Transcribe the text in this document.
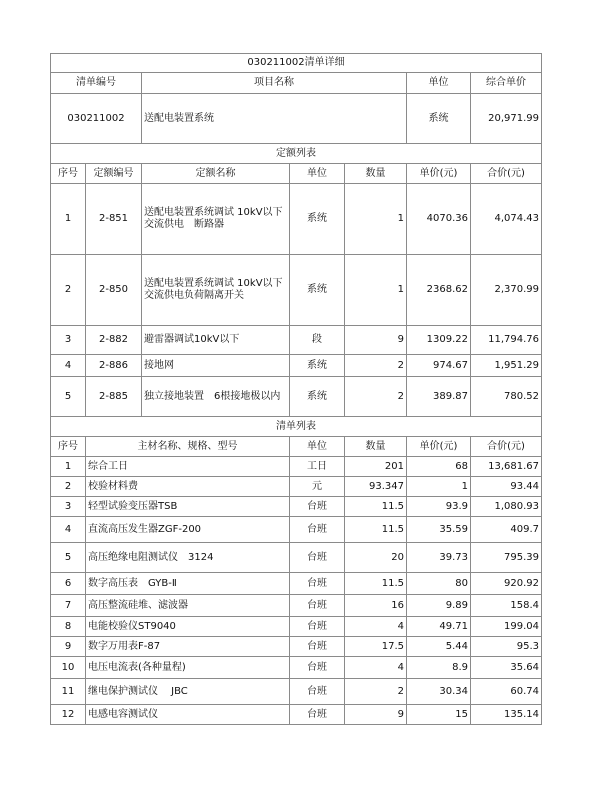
030211002清单详细						
清单编号		项目名称			单位	综合单价
030211002		送配电装置系统			系统	20,971.99
定额列表						
序号	定额编号	定额名称	单位	数量	单价(元)	合价(元)
1	2-851	送配电装置系统调试 10kV以下交流供电　断路器	系统	1	4070.36	4,074.43
2	2-850	送配电装置系统调试 10kV以下交流供电负荷隔离开关	系统	1	2368.62	2,370.99
3	2-882	避雷器调试10kV以下	段	9	1309.22	11,794.76
4	2-886	接地网	系统	2	974.67	1,951.29
5	2-885	独立接地装置　6根接地极以内	系统	2	389.87	780.52
清单列表						
序号	主材名称、规格、型号		单位	数量	单价(元)	合价(元)
1	综合工日		工日	201	68	13,681.67
2	校验材料费		元	93.347	1	93.44
3	轻型试验变压器TSB		台班	11.5	93.9	1,080.93
4	直流高压发生器ZGF-200		台班	11.5	35.59	409.7
5	高压绝缘电阻测试仪　3124		台班	20	39.73	795.39
6	数字高压表　GYB-Ⅱ		台班	11.5	80	920.92
7	高压整流硅堆、滤波器		台班	16	9.89	158.4
8	电能校验仪ST9040		台班	4	49.71	199.04
9	数字万用表F-87		台班	17.5	5.44	95.3
10	电压电流表(各种量程)		台班	4	8.9	35.64
11	继电保护测试仪　 JBC		台班	2	30.34	60.74
12	电感电容测试仪		台班	9	15	135.14
